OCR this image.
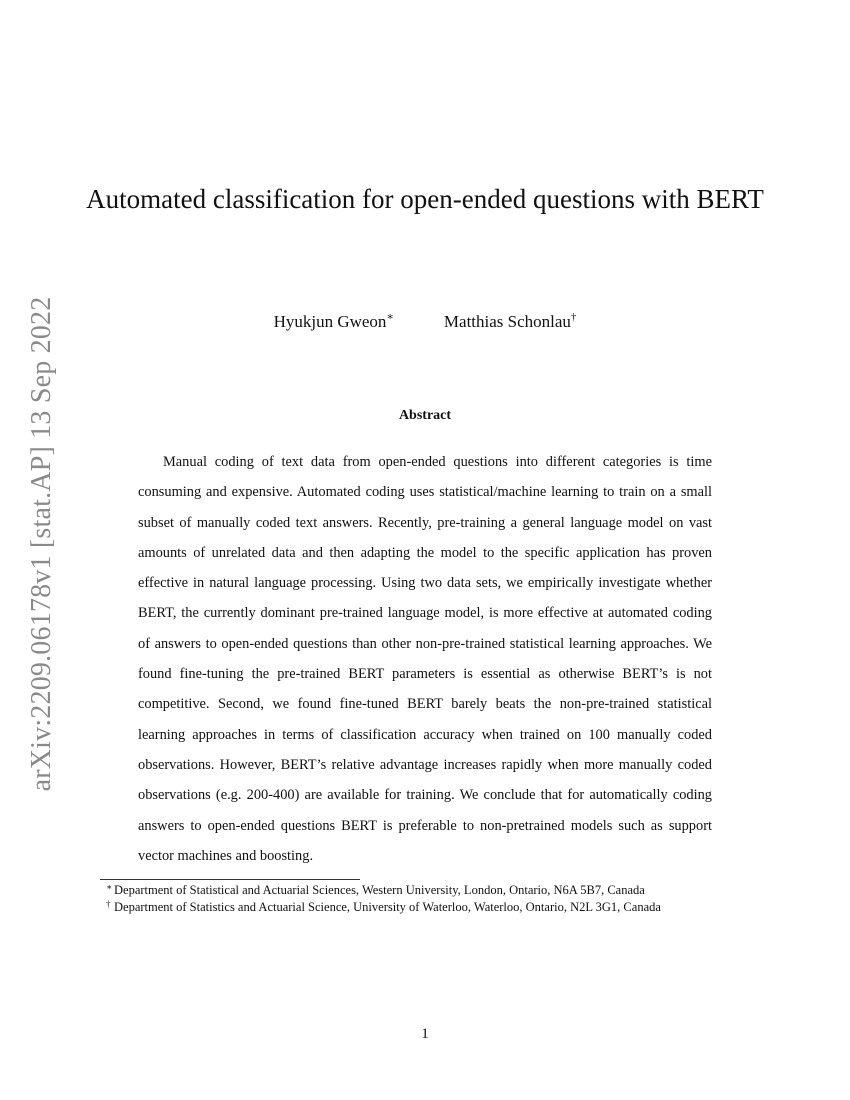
arXiv:2209.06178v1 [stat.AP] 13 Sep 2022
Automated classification for open-ended questions with BERT
Hyukjun Gweon∗	Matthias Schonlau†
Abstract

Manual coding of text data from open-ended questions into different categories is time consuming and expensive. Automated coding uses statistical/machine learning to train on a small subset of manually coded text answers. Recently, pre-training a general language model on vast amounts of unrelated data and then adapting the model to the specific application has proven effective in natural language processing. Using two data sets, we empirically investigate whether BERT, the currently dominant pre-trained language model, is more effective at automated coding of answers to open-ended questions than other non-pre-trained statistical learning approaches. We found fine-tuning the pre-trained BERT parameters is essential as otherwise BERT’s is not competitive. Second, we found fine-tuned BERT barely beats the non-pre-trained statistical learning approaches in terms of classification accuracy when trained on 100 manually coded observations. However, BERT’s relative advantage increases rapidly when more manually coded observations (e.g. 200-400) are available for training. We conclude that for automatically coding answers to open-ended questions BERT is preferable to non-pretrained models such as support vector machines and boosting.

∗ Department of Statistical and Actuarial Sciences, Western University, London, Ontario, N6A 5B7, Canada
† Department of Statistics and Actuarial Science, University of Waterloo, Waterloo, Ontario, N2L 3G1, Canada
1
